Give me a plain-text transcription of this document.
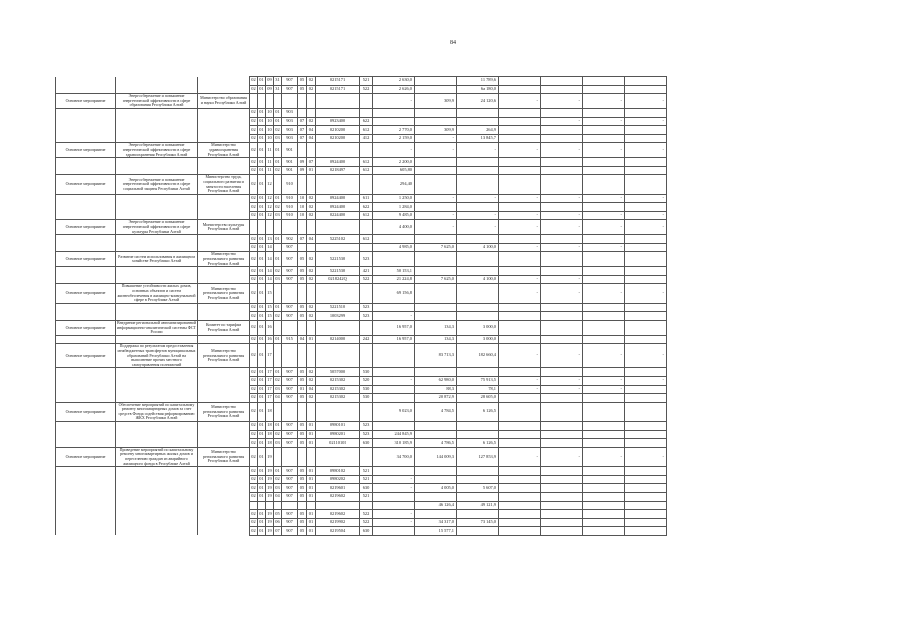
84
			02	01	09	31	907	05	02	0215171	521	2 630,0		11 789,6				
			02	01	09	31	907	05	02	0215171	522	2 626,0		6a 180,0				
Основное мероприятие	Энергосбережение и повышение энергетической эффективности в сфере образования Республики Алтай	Министерство образования и науки Республики Алтай										-	309,9	24 120,6	-	-	-	-
			02	01	10	01	903											
			02	01	10	01	903	07	02	0923400	622					-	-	-
			02	01	10	02	903	07	04	0210200	612	2 770,0	309,9	264,9				
			02	01	10	03	903	07	04	0210200	412	2 159,0	-	13 845,7				
Основное мероприятие	Энергосбережение и повышение энергетической эффективности в сфере здравоохранения Республики Алтай	Министерство здравоохранения Республики Алтай	02	01	11	01	901					-	-	-	-	-	-	-
			02	01	11	01	901	09	07	0924400	612	2 200,0						
			02	01	11	02	901	09	01	0218497	612	605,80						
Основное мероприятие	Энергосбережение и повышение энергетической эффективности в сфере социальной защиты Республики Алтай	Министерство труда, социального развития и занятости населения Республики Алтай	02	01	12		910					294,40						
			02	01	12	01	910	10	02	0924400	611	1 250,0	-	-	-	-	-	-
			02	01	12	02	910	10	02	0924400	622	1 284,0						
			02	01	12	03	910	10	02	0224400	612	9 485,0	-	-	-	-	-	-
Основное мероприятие	Энергосбережение и повышение энергетической эффективности в сфере культуры Республики Алтай	Министерство культуры Республики Алтай										4 400,0	-	-	-	-	-	-
			02	01	13	01	902	07	04	5225102	612							
			02	01	14		907					4 985,0	7 625,0	4 100,0	-	-	-	
Основное мероприятие	Развитие систем использования в жилищном хозяйстве Республики Алтай	Министерство регионального развития Республики Алтай	02	01	14	01	907	05	02	5221530	523							
			02	01	14	02	907	05	02	5221530	421	50 153,1						
			02	01	14	03	907	05	02	0218242Q	522	21 224,8	7 625,0	4 100,0	-	-		
Основное мероприятие	Повышение устойчивости жилых домов, основных объектов и систем жизнеобеспечения в жилищно-коммунальной сфере в Республике Алтай	Министерство регионального развития Республики Алтай	02	01	15							69 156,8			-	-	-	-
			02	01	15	01	907	05	02	5221510	523							
			02	01	15	02	907	05	02	1003299	523	-						
Основное мероприятие	Внедрение региональной автоматизированной информационно-аналитической системы ФСТ России	Комитет по тарифам Республики Алтай	02	01	16							16 957,0	134,3	3 000,0				
			02	01	16	01	915	04	01	0214000	242	16 957,0	134,3	3 000,0				
Основное мероприятие	Поддержка по результатам предоставления межбюджетных трансфертов муниципальных образований Республики Алтай на выполнение прочих местного самоуправления полномочий	Министерство регионального развития Республики Алтай	02	01	17								83 713,3	182 660,4	-	-	-	-
			02	01	17	01	907	05	02	5057000	530							
			02	01	17	02	907	05	02	0215302	520	-	62 980,0	75 913,5	-	-	-	-
			02	01	17	03	907	01	04	0215302	530		88,3	78,1	-	-	-	
			02	01	17	04	907	05	02	0215302	530		20 872,9	28 605,0				
Основное мероприятие	Обеспечение мероприятий по капитальному ремонту многоквартирных домов за счет средств Фонда содействия реформированию ЖКХ Республики Алтай	Министерство регионального развития Республики Алтай	02	01	18							9 023,0	4 784,5	6 126,5				
			02	01	18	01	907	05	01	0980101	523							
			02	01	18	02	907	05	01	0980201	523	244 845,9						
			02	01	18	03	907	05	01	0211010I	630	310 185,9	4 786,5	6 126,5				
Основное мероприятие	Проведение мероприятий по капитальному ремонту многоквартирных жилых домов и переселению граждан из аварийного жилищного фонда в Республике Алтай	Министерство регионального развития Республики Алтай	02	01	19							34 700,0	144 009,3	127 853,9	-	-	-	-
			02	01	19	01	907	05	01	0980102	521							
			02	01	19	02	907	05	01	0980202	521	-						
			02	01	19	03	907	05	01	0219601	630	-	4 005,0	5 607,0				
			02	01	19	04	907	05	01	0219602	521							
													46 126,4	49 121,9				
			02	01	19	05	907	05	01	0219602	522	-						
			02	01	19	06	907	05	01	0219902	522	-	34 317,0	73 145,0				
			02	01	19	07	907	05	01	0219504	630		15 577,1					
